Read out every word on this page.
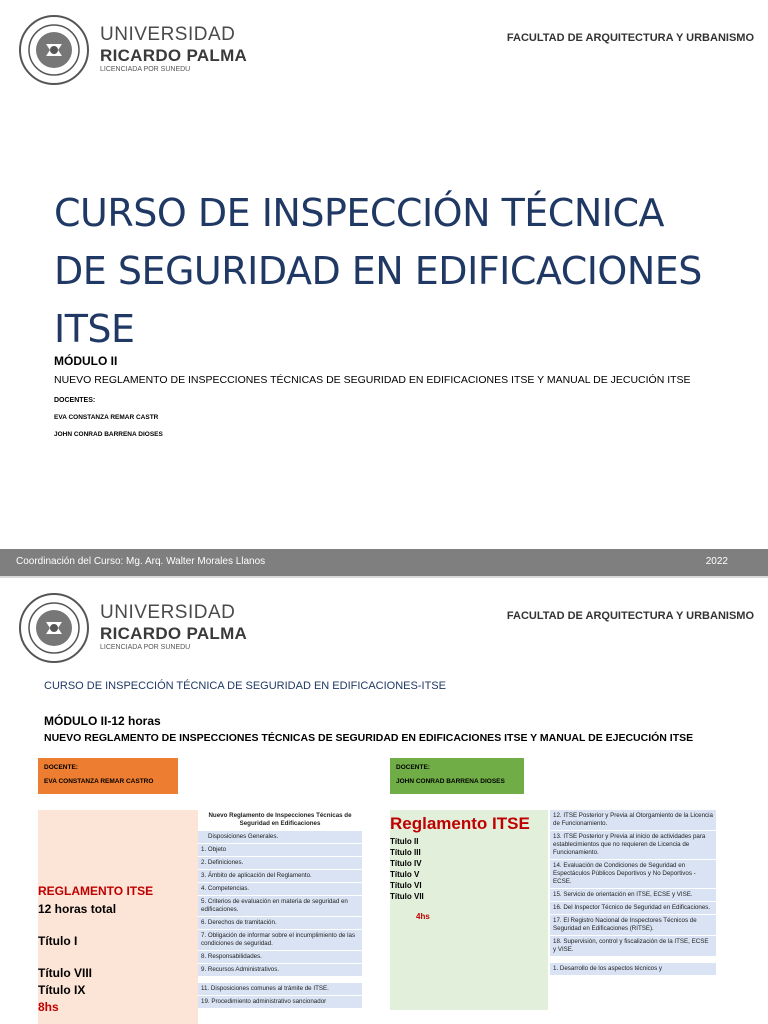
UNIVERSIDAD
RICARDO PALMA
LICENCIADA POR SUNEDU
FACULTAD DE ARQUITECTURA Y URBANISMO
CURSO DE INSPECCIÓN TÉCNICA
DE SEGURIDAD EN EDIFICACIONES
ITSE
MÓDULO II
NUEVO REGLAMENTO DE INSPECCIONES TÉCNICAS DE SEGURIDAD EN EDIFICACIONES ITSE Y MANUAL DE JECUCIÓN ITSE
DOCENTES:
EVA CONSTANZA REMAR CASTR
JOHN CONRAD BARRENA DIOSES
Coordinación del Curso: Mg. Arq. Walter Morales Llanos	2022
UNIVERSIDAD
RICARDO PALMA
LICENCIADA POR SUNEDU
FACULTAD DE ARQUITECTURA Y URBANISMO
CURSO DE INSPECCIÓN TÉCNICA DE SEGURIDAD EN EDIFICACIONES-ITSE
MÓDULO II-12 horas
NUEVO REGLAMENTO DE INSPECCIONES TÉCNICAS DE SEGURIDAD EN EDIFICACIONES ITSE Y MANUAL DE EJECUCIÓN ITSE
DOCENTE:
EVA CONSTANZA REMAR CASTRO
DOCENTE:
JOHN CONRAD BARRENA DIOSES
REGLAMENTO ITSE
12 horas total
Título I
Título VIII
Título IX
8hs
Nuevo Reglamento de Inspecciones Técnicas de Seguridad en Edificaciones
Disposiciones Generales.
1. Objeto
2. Definiciones.
3. Ámbito de aplicación del Reglamento.
4. Competencias.
5. Criterios de evaluación en materia de seguridad en edificaciones.
6. Derechos de tramitación.
7. Obligación de informar sobre el incumplimiento de las condiciones de seguridad.
8. Responsabilidades.
9. Recursos Administrativos.
11. Disposiciones comunes al trámite de ITSE.
19. Procedimiento administrativo sancionador
Reglamento ITSE
Título II
Título III
Título IV
Título V
Título VI
Título VII
4hs
12. ITSE Posterior y Previa al Otorgamiento de la Licencia de Funcionamiento.
13. ITSE Posterior y Previa al inicio de actividades para establecimientos que no requieren de Licencia de Funcionamiento.
14. Evaluación de Condiciones de Seguridad en Espectáculos Públicos Deportivos y No Deportivos - ECSE.
15. Servicio de orientación en ITSE, ECSE y VISE.
16. Del Inspector Técnico de Seguridad en Edificaciones.
17. El Registro Nacional de Inspectores Técnicos de Seguridad en Edificaciones (RITSE).
18. Supervisión, control y fiscalización de la ITSE, ECSE y VISE.
1. Desarrollo de los aspectos técnicos y
